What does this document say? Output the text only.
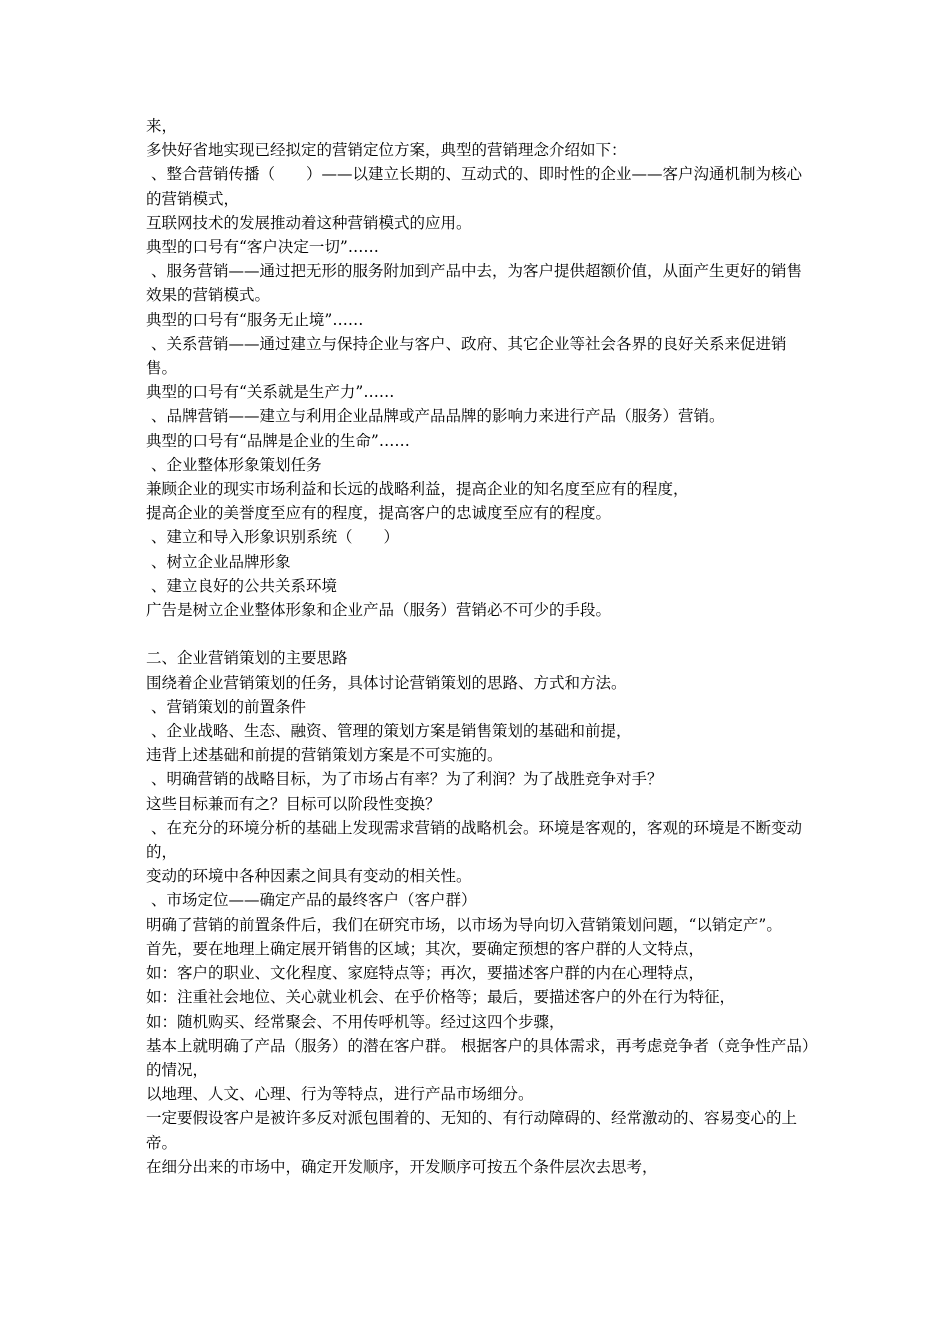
来，

多快好省地实现已经拟定的营销定位方案，典型的营销理念介绍如下：

、整合营销传播（　　）——以建立长期的、互动式的、即时性的企业——客户沟通机制为核心的营销模式，

互联网技术的发展推动着这种营销模式的应用。

典型的口号有“客户决定一切”……

、服务营销——通过把无形的服务附加到产品中去，为客户提供超额价值，从面产生更好的销售效果的营销模式。

典型的口号有“服务无止境”……

、关系营销——通过建立与保持企业与客户、政府、其它企业等社会各界的良好关系来促进销售。

典型的口号有“关系就是生产力”……

、品牌营销——建立与利用企业品牌或产品品牌的影响力来进行产品（服务）营销。

典型的口号有“品牌是企业的生命”……

、企业整体形象策划任务

兼顾企业的现实市场利益和长远的战略利益，提高企业的知名度至应有的程度，

提高企业的美誉度至应有的程度，提高客户的忠诚度至应有的程度。

、建立和导入形象识别系统（　　）

、树立企业品牌形象

、建立良好的公共关系环境

广告是树立企业整体形象和企业产品（服务）营销必不可少的手段。

二、企业营销策划的主要思路

围绕着企业营销策划的任务，具体讨论营销策划的思路、方式和方法。

、营销策划的前置条件

、企业战略、生态、融资、管理的策划方案是销售策划的基础和前提，

违背上述基础和前提的营销策划方案是不可实施的。

、明确营销的战略目标，为了市场占有率？为了利润？为了战胜竞争对手？

这些目标兼而有之？目标可以阶段性变换？

、在充分的环境分析的基础上发现需求营销的战略机会。环境是客观的，客观的环境是不断变动的，

变动的环境中各种因素之间具有变动的相关性。

、市场定位——确定产品的最终客户（客户群）

明确了营销的前置条件后，我们在研究市场，以市场为导向切入营销策划问题，“以销定产”。

首先，要在地理上确定展开销售的区域；其次，要确定预想的客户群的人文特点，

如：客户的职业、文化程度、家庭特点等；再次，要描述客户群的内在心理特点，

如：注重社会地位、关心就业机会、在乎价格等；最后，要描述客户的外在行为特征，

如：随机购买、经常聚会、不用传呼机等。经过这四个步骤，

基本上就明确了产品（服务）的潜在客户群。 根据客户的具体需求，再考虑竞争者（竞争性产品）的情况，

以地理、人文、心理、行为等特点，进行产品市场细分。

一定要假设客户是被许多反对派包围着的、无知的、有行动障碍的、经常激动的、容易变心的上帝。

在细分出来的市场中，确定开发顺序，开发顺序可按五个条件层次去思考，
